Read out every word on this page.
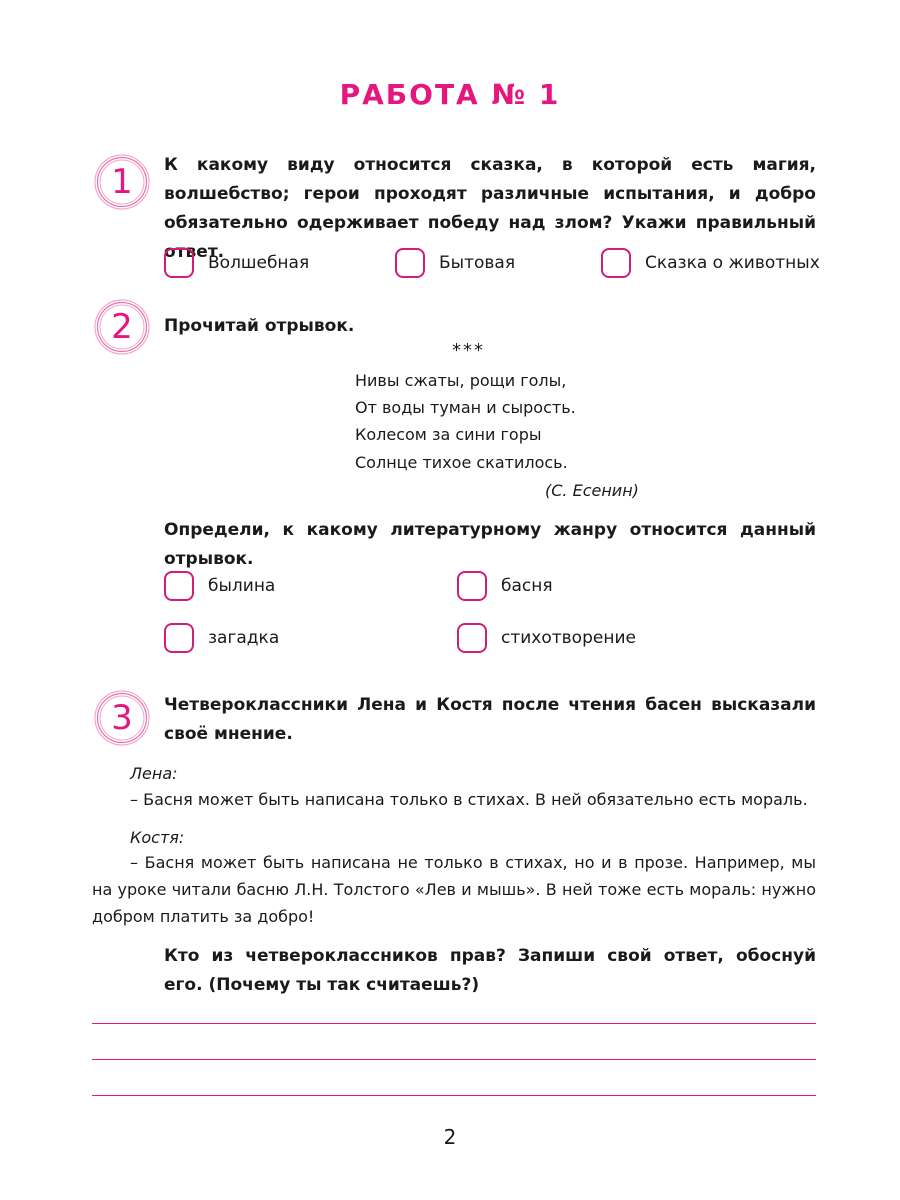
РАБОТА № 1
1	К какому виду относится сказка, в которой есть магия, волшебство; герои проходят различные испытания, и добро обязательно одерживает победу над злом? Укажи правильный ответ.
Волшебная	Бытовая	Сказка о животных
2	Прочитай отрывок.
***
Нивы сжаты, рощи голы,
От воды туман и сырость.
Колесом за сини горы
Солнце тихое скатилось.
(С. Есенин)
Определи, к какому литературному жанру относится данный отрывок.
былина	басня
загадка	стихотворение
3	Четвероклассники Лена и Костя после чтения басен высказали своё мнение.
Лена:
– Басня может быть написана только в стихах. В ней обязательно есть мораль.
Костя:
– Басня может быть написана не только в стихах, но и в прозе. Например, мы на уроке читали басню Л.Н. Толстого «Лев и мышь». В ней тоже есть мораль: нужно добром платить за добро!
Кто из четвероклассников прав? Запиши свой ответ, обоснуй его. (Почему ты так считаешь?)
2
